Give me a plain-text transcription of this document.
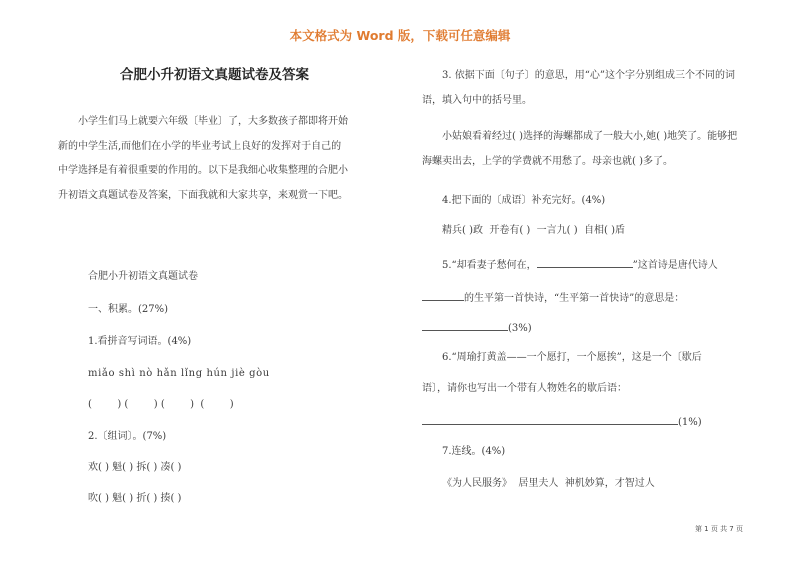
本文格式为 Word 版，下载可任意编辑
合肥小升初语文真题试卷及答案
小学生们马上就要六年级〔毕业〕了，大多数孩子都即将开始新的中学生活,而他们在小学的毕业考试上良好的发挥对于自己的中学选择是有着很重要的作用的。以下是我细心收集整理的合肥小升初语文真题试卷及答案，下面我就和大家共享，来观赏一下吧。
合肥小升初语文真题试卷
一、积累。(27%)
1.看拼音写词语。(4%)
miǎo shì nò hǎn lǐng hún jiè gòu
(        ) (        ) (        )  (        )
2.〔组词〕。(7%)
欢( ) 魁( ) 拆( ) 凑( )
吹( ) 魁( ) 折( ) 揍( )
3. 依据下面〔句子〕的意思，用“心”这个字分别组成三个不同的词语，填入句中的括号里。
小姑娘看着经过( )选择的海螺都成了一般大小,她( )地笑了。能够把海螺卖出去，上学的学费就不用愁了。母亲也就( )多了。
4.把下面的〔成语〕补充完好。(4%)
精兵( )政  开卷有( )  一言九( )  自相( )盾
5.“却看妻子愁何在，	”这首诗是唐代诗人
的生平第一首快诗，“生平第一首快诗”的意思是：
(3%)
6.“周瑜打黄盖——一个愿打，一个愿挨”，这是一个〔歇后
语〕，请你也写出一个带有人物姓名的歇后语：
(1%)
7.连线。(4%)
《为人民服务》  居里夫人  神机妙算，才智过人
第 1 页 共 7 页
